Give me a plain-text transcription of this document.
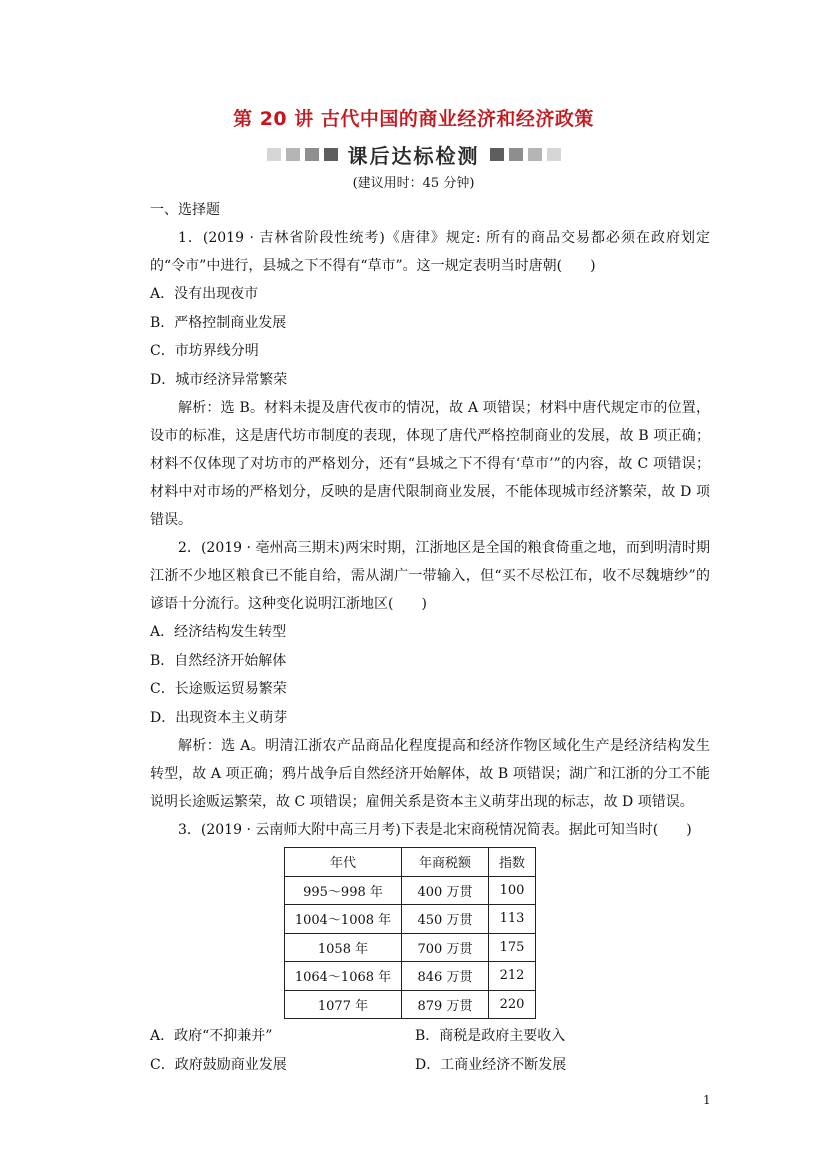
第 20 讲 古代中国的商业经济和经济政策
课后达标检测
(建议用时：45 分钟)
一、选择题

1．(2019 · 吉林省阶段性统考)《唐律》规定: 所有的商品交易都必须在政府划定的“令市”中进行，县城之下不得有“草市”。这一规定表明当时唐朝(　　)

A．没有出现夜市
B．严格控制商业发展
C．市坊界线分明
D．城市经济异常繁荣

解析：选 B。材料未提及唐代夜市的情况，故 A 项错误；材料中唐代规定市的位置，设市的标准，这是唐代坊市制度的表现，体现了唐代严格控制商业的发展，故 B 项正确；材料不仅体现了对坊市的严格划分，还有“县城之下不得有‘草市’”的内容，故 C 项错误；材料中对市场的严格划分，反映的是唐代限制商业发展，不能体现城市经济繁荣，故 D 项错误。

2．(2019 · 亳州高三期末)两宋时期，江浙地区是全国的粮食倚重之地，而到明清时期江浙不少地区粮食已不能自给，需从湖广一带输入，但“买不尽松江布，收不尽魏塘纱”的谚语十分流行。这种变化说明江浙地区(　　)

A．经济结构发生转型
B．自然经济开始解体
C．长途贩运贸易繁荣
D．出现资本主义萌芽

解析：选 A。明清江浙农产品商品化程度提高和经济作物区域化生产是经济结构发生转型，故 A 项正确；鸦片战争后自然经济开始解体，故 B 项错误；湖广和江浙的分工不能说明长途贩运繁荣，故 C 项错误；雇佣关系是资本主义萌芽出现的标志，故 D 项错误。

3．(2019 · 云南师大附中高三月考)下表是北宋商税情况简表。据此可知当时(　　)

年代	年商税额	指数
995～998 年	400 万贯	100
1004～1008 年	450 万贯	113
1058 年	700 万贯	175
1064～1068 年	846 万贯	212
1077 年	879 万贯	220
A．政府“不抑兼并”	B．商税是政府主要收入
C．政府鼓励商业发展	D．工商业经济不断发展
1
